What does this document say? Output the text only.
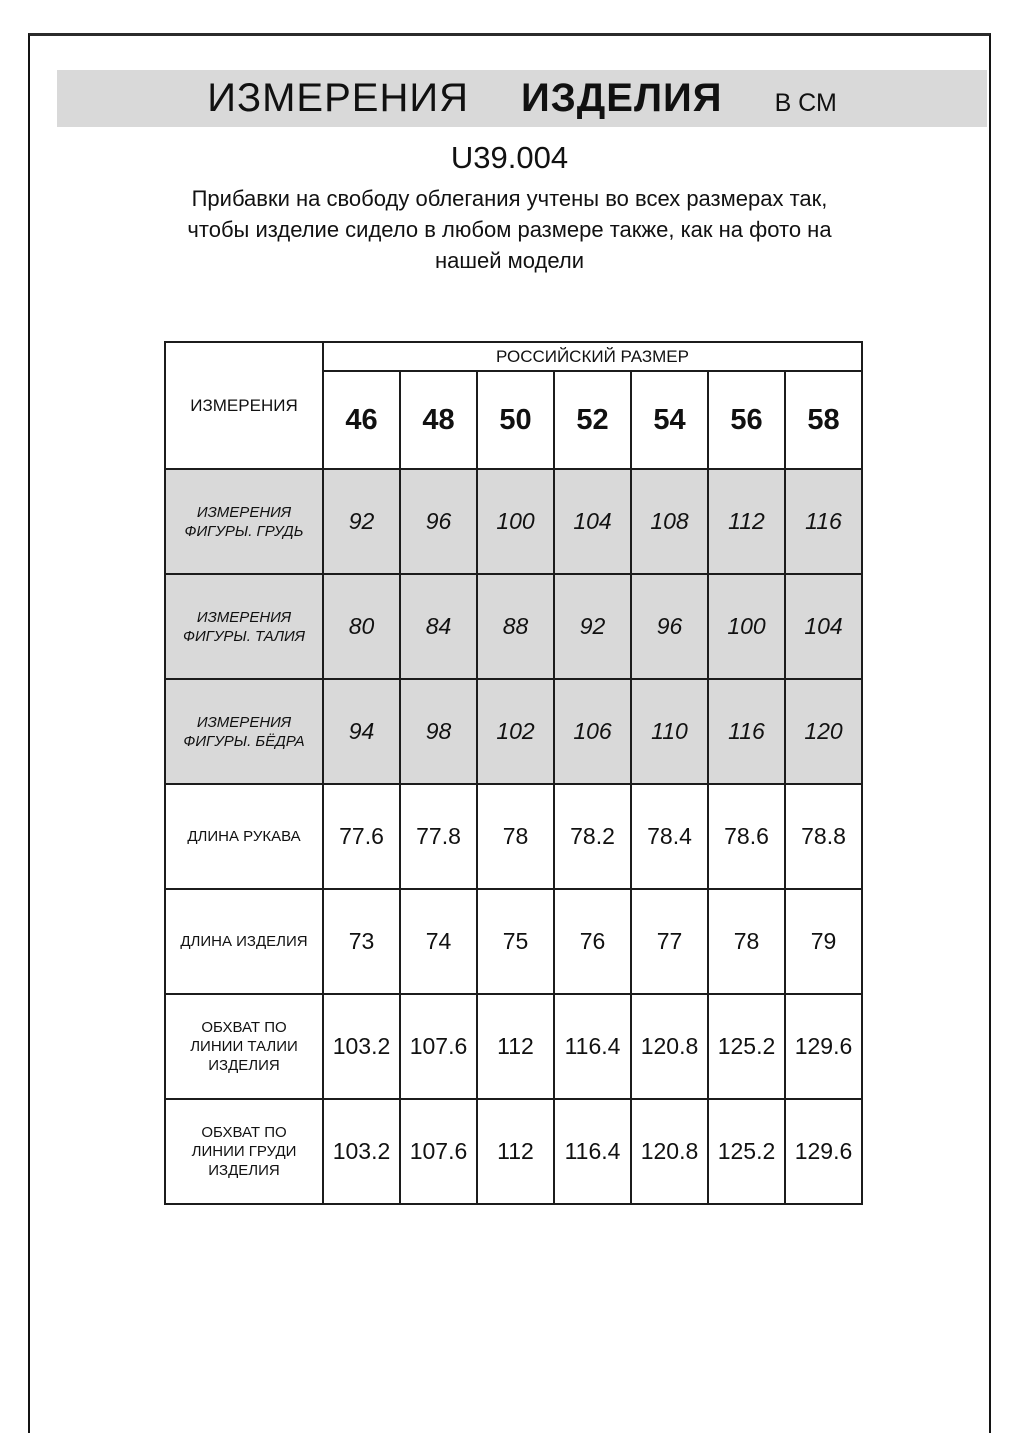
ИЗМЕРЕНИЯ ИЗДЕЛИЯ В СМ
U39.004
Прибавки на свободу облегания учтены во всех размерах так,
чтобы изделие сидело в любом размере также, как на фото на
нашей модели
ИЗМЕРЕНИЯ	РОССИЙСКИЙ РАЗМЕР						
	46	48	50	52	54	56	58
ИЗМЕРЕНИЯ ФИГУРЫ. ГРУДЬ	92	96	100	104	108	112	116
ИЗМЕРЕНИЯ ФИГУРЫ. ТАЛИЯ	80	84	88	92	96	100	104
ИЗМЕРЕНИЯ ФИГУРЫ. БЁДРА	94	98	102	106	110	116	120
ДЛИНА РУКАВА	77.6	77.8	78	78.2	78.4	78.6	78.8
ДЛИНА ИЗДЕЛИЯ	73	74	75	76	77	78	79
ОБХВАТ ПО ЛИНИИ ТАЛИИ ИЗДЕЛИЯ	103.2	107.6	112	116.4	120.8	125.2	129.6
ОБХВАТ ПО ЛИНИИ ГРУДИ ИЗДЕЛИЯ	103.2	107.6	112	116.4	120.8	125.2	129.6
